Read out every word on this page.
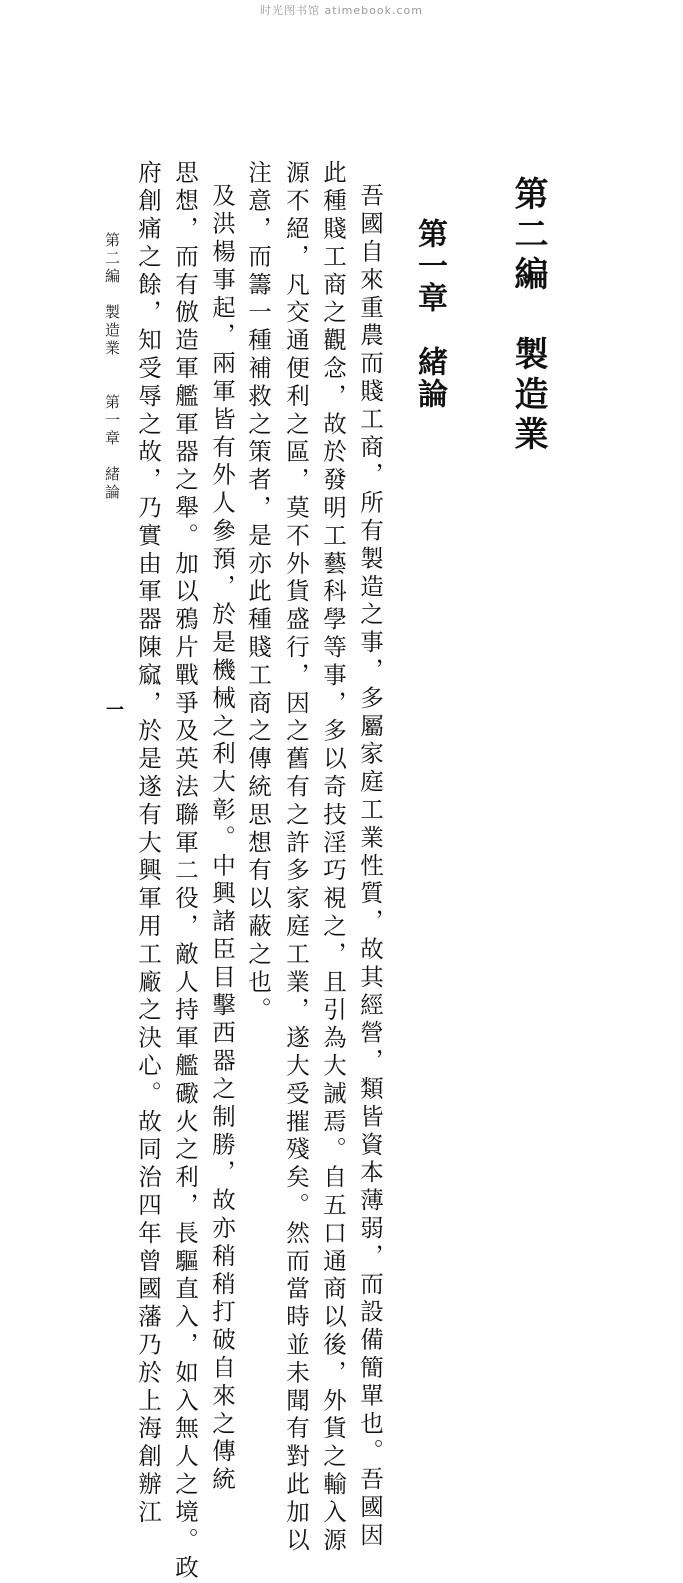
时光图书馆 atimebook.com
第二編　製造業
第一章　緒論
吾國自來重農而賤工商，所有製造之事，多屬家庭工業性質，故其經營，類皆資本薄弱，而設備簡單也。吾國因
此種賤工商之觀念，故於發明工藝科學等事，多以奇技淫巧視之，且引為大誡焉。自五口通商以後，外貨之輸入源
源不絕，凡交通便利之區，莫不外貨盛行，因之舊有之許多家庭工業，遂大受摧殘矣。然而當時並未聞有對此加以
注意，而籌一種補救之策者，是亦此種賤工商之傳統思想有以蔽之也。
及洪楊事起，兩軍皆有外人參預，於是機械之利大彰。中興諸臣目擊西器之制勝，故亦稍稍打破自來之傳統
思想，而有倣造軍艦軍器之舉。加以鴉片戰爭及英法聯軍二役，敵人持軍艦礮火之利，長驅直入，如入無人之境。政
府創痛之餘，知受辱之故，乃實由軍器陳窳，於是遂有大興軍用工廠之決心。故同治四年曾國藩乃於上海創辦江
第二編　製造業　　第一章　緒論
一
